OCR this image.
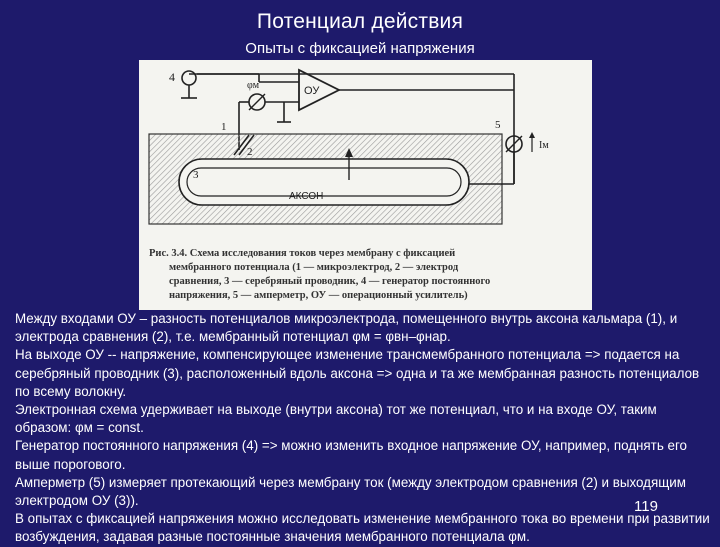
Потенциал действия
Опыты с фиксацией напряжения
4
ОУ
φм
1
АКСОН
3
2
5
Iм
Рис. 3.4. Схема исследования токов через мембрану с фиксацией
мембранного потенциала (1 — микроэлектрод, 2 — электрод
сравнения, 3 — серебряный проводник, 4 — генератор постоянного
напряжения, 5 — амперметр, ОУ — операционный усилитель)

Между входами ОУ – разность потенциалов микроэлектрода, помещенного внутрь аксона кальмара (1), и электрода сравнения (2), т.е. мембранный потенциал φм = φвн–φнар.

На выходе ОУ -- напряжение, компенсирующее изменение трансмембранного потенциала => подается на серебряный проводник (3), расположенный вдоль аксона => одна и та же мембранная разность потенциалов по всему волокну.

Электронная схема удерживает на выходе (внутри аксона) тот же потенциал, что и на входе ОУ, таким образом: φм = const.

Генератор постоянного напряжения (4) => можно изменить входное напряжение ОУ, например, поднять его выше порогового.

Амперметр (5) измеряет протекающий через мембрану ток (между электродом сравнения (2) и выходящим электродом ОУ (3)).

В опытах с фиксацией напряжения можно исследовать изменение мембранного тока во времени при развитии возбуждения, задавая разные постоянные значения мембранного потенциала φм.

119
